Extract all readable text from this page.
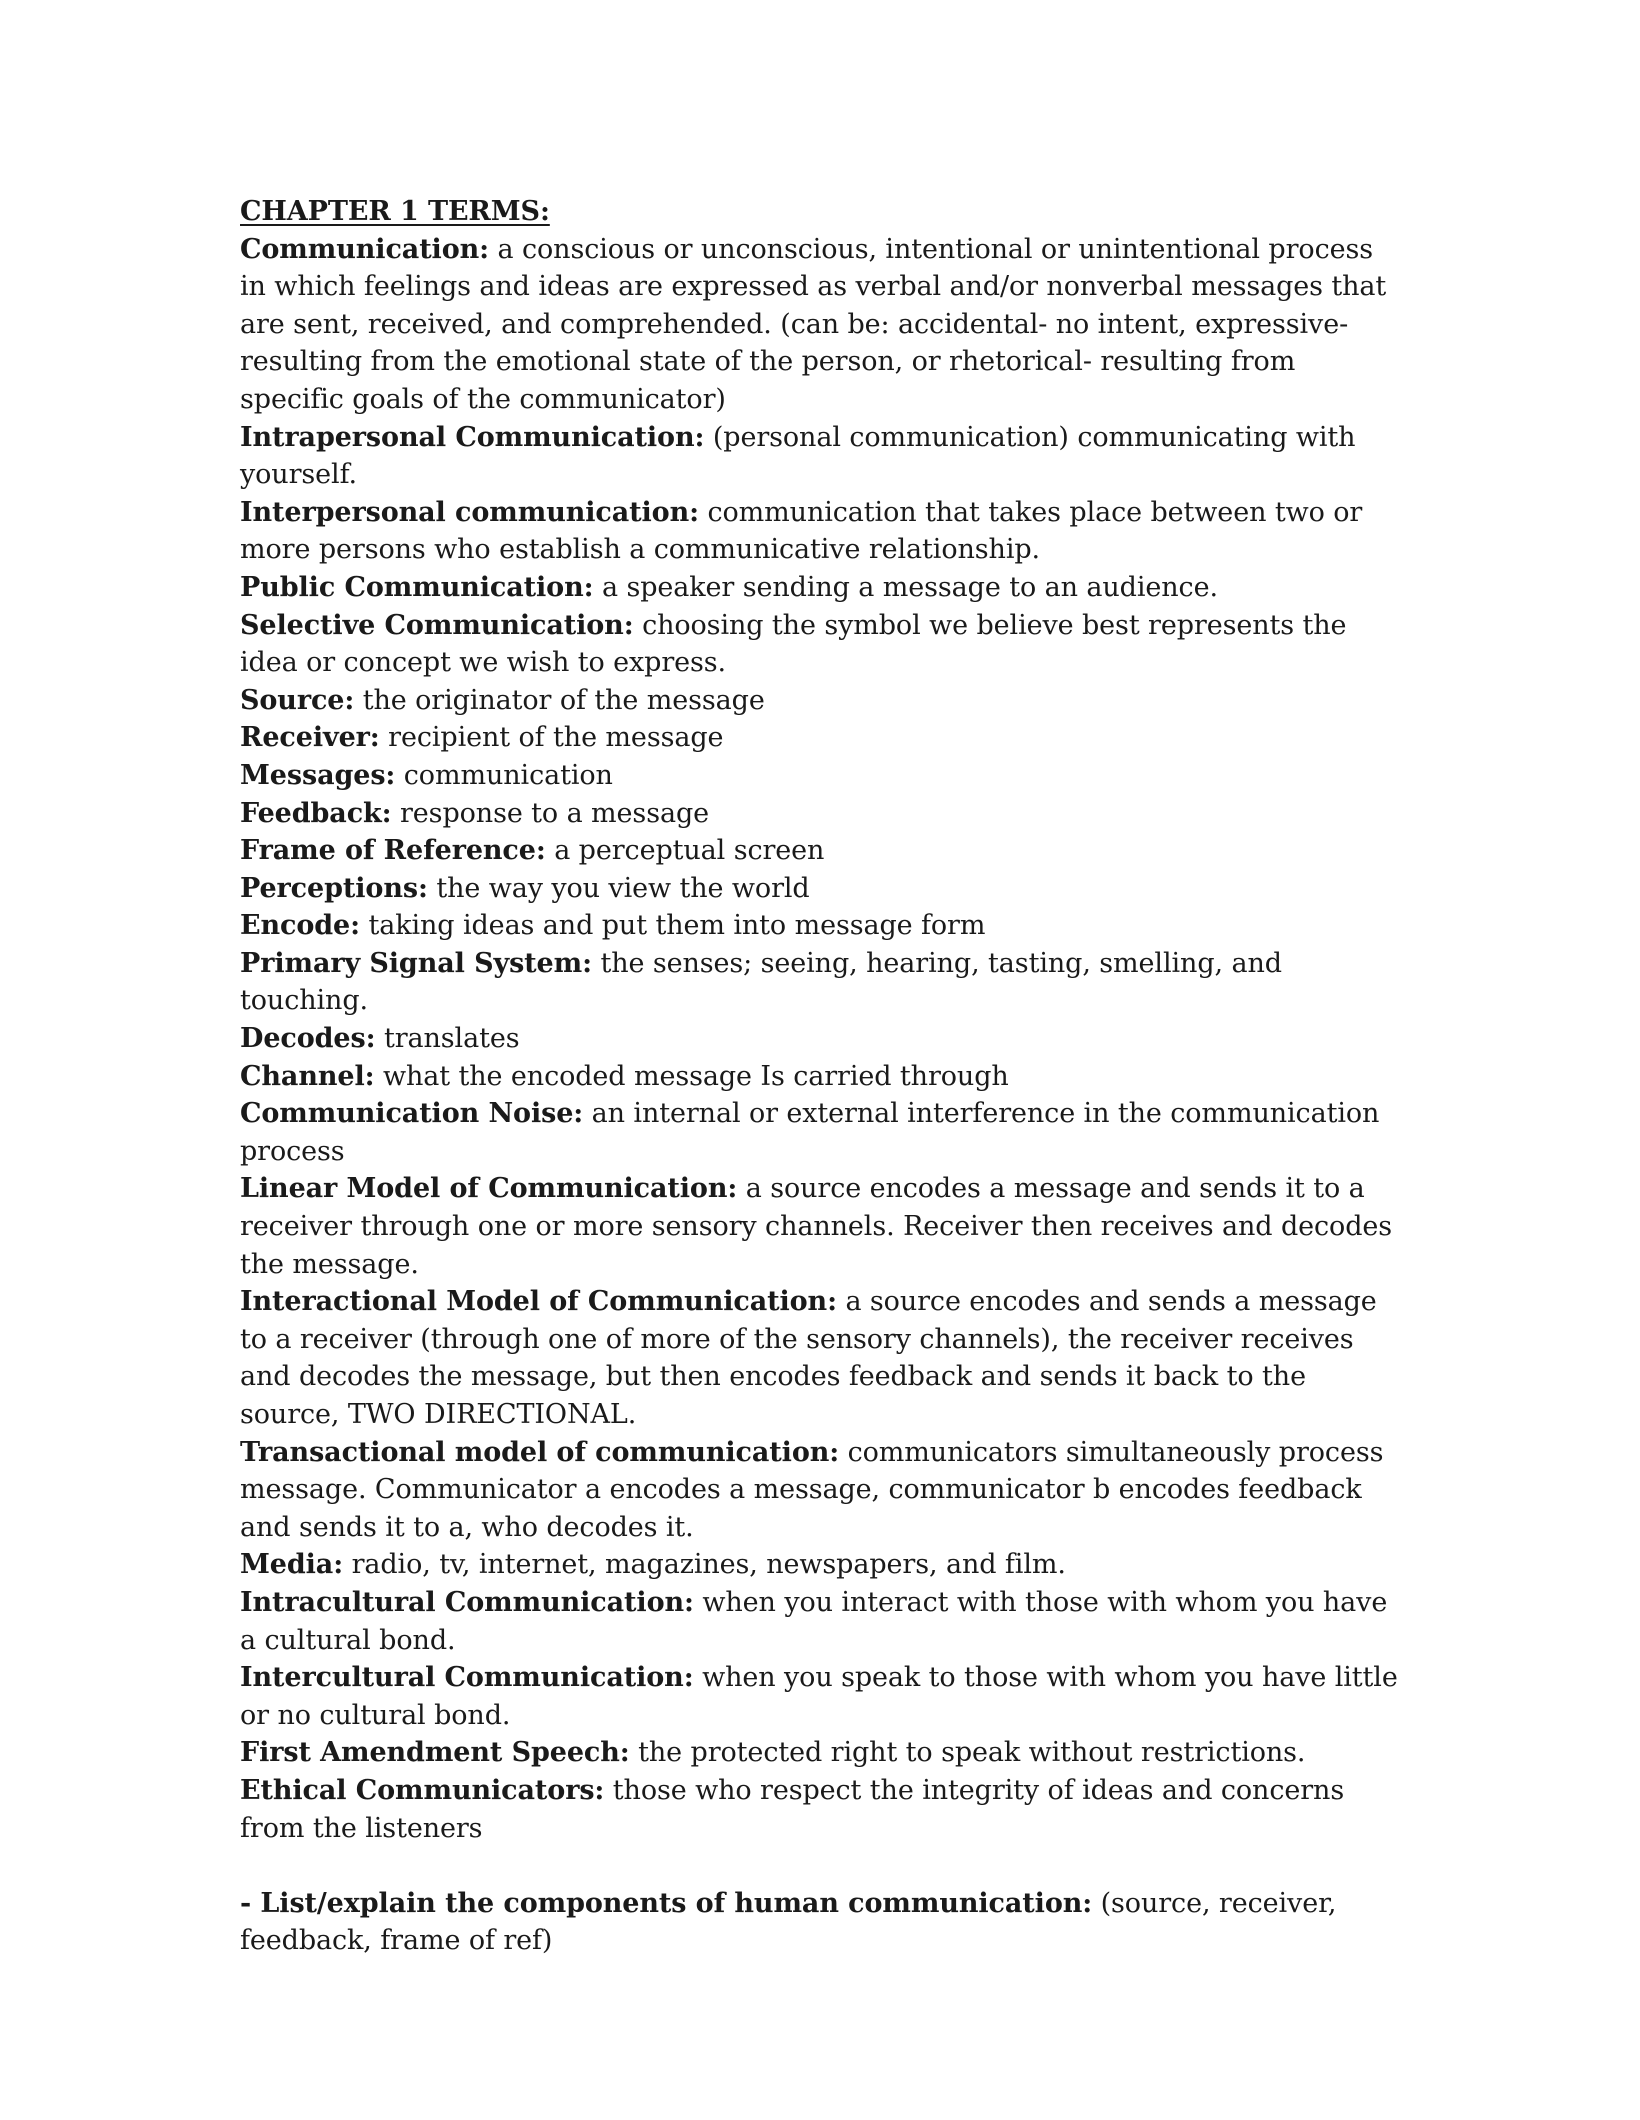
CHAPTER 1 TERMS:

Communication: a conscious or unconscious, intentional or unintentional process in which feelings and ideas are expressed as verbal and/or nonverbal messages that are sent, received, and comprehended. (can be: accidental- no intent, expressive- resulting from the emotional state of the person, or rhetorical- resulting from specific goals of the communicator)

Intrapersonal Communication: (personal communication) communicating with yourself.

Interpersonal communication: communication that takes place between two or more persons who establish a communicative relationship.

Public Communication: a speaker sending a message to an audience.

Selective Communication: choosing the symbol we believe best represents the idea or concept we wish to express.

Source: the originator of the message

Receiver: recipient of the message

Messages: communication

Feedback: response to a message

Frame of Reference: a perceptual screen

Perceptions: the way you view the world

Encode: taking ideas and put them into message form

Primary Signal System: the senses; seeing, hearing, tasting, smelling, and touching.

Decodes: translates

Channel: what the encoded message Is carried through

Communication Noise: an internal or external interference in the communication process

Linear Model of Communication: a source encodes a message and sends it to a receiver through one or more sensory channels. Receiver then receives and decodes the message.

Interactional Model of Communication: a source encodes and sends a message to a receiver (through one of more of the sensory channels), the receiver receives and decodes the message, but then encodes feedback and sends it back to the source, TWO DIRECTIONAL.

Transactional model of communication: communicators simultaneously process message. Communicator a encodes a message, communicator b encodes feedback and sends it to a, who decodes it.

Media: radio, tv, internet, magazines, newspapers, and film.

Intracultural Communication: when you interact with those with whom you have a cultural bond.

Intercultural Communication: when you speak to those with whom you have little or no cultural bond.

First Amendment Speech: the protected right to speak without restrictions.

Ethical Communicators: those who respect the integrity of ideas and concerns from the listeners

- List/explain the components of human communication: (source, receiver, feedback, frame of ref)
